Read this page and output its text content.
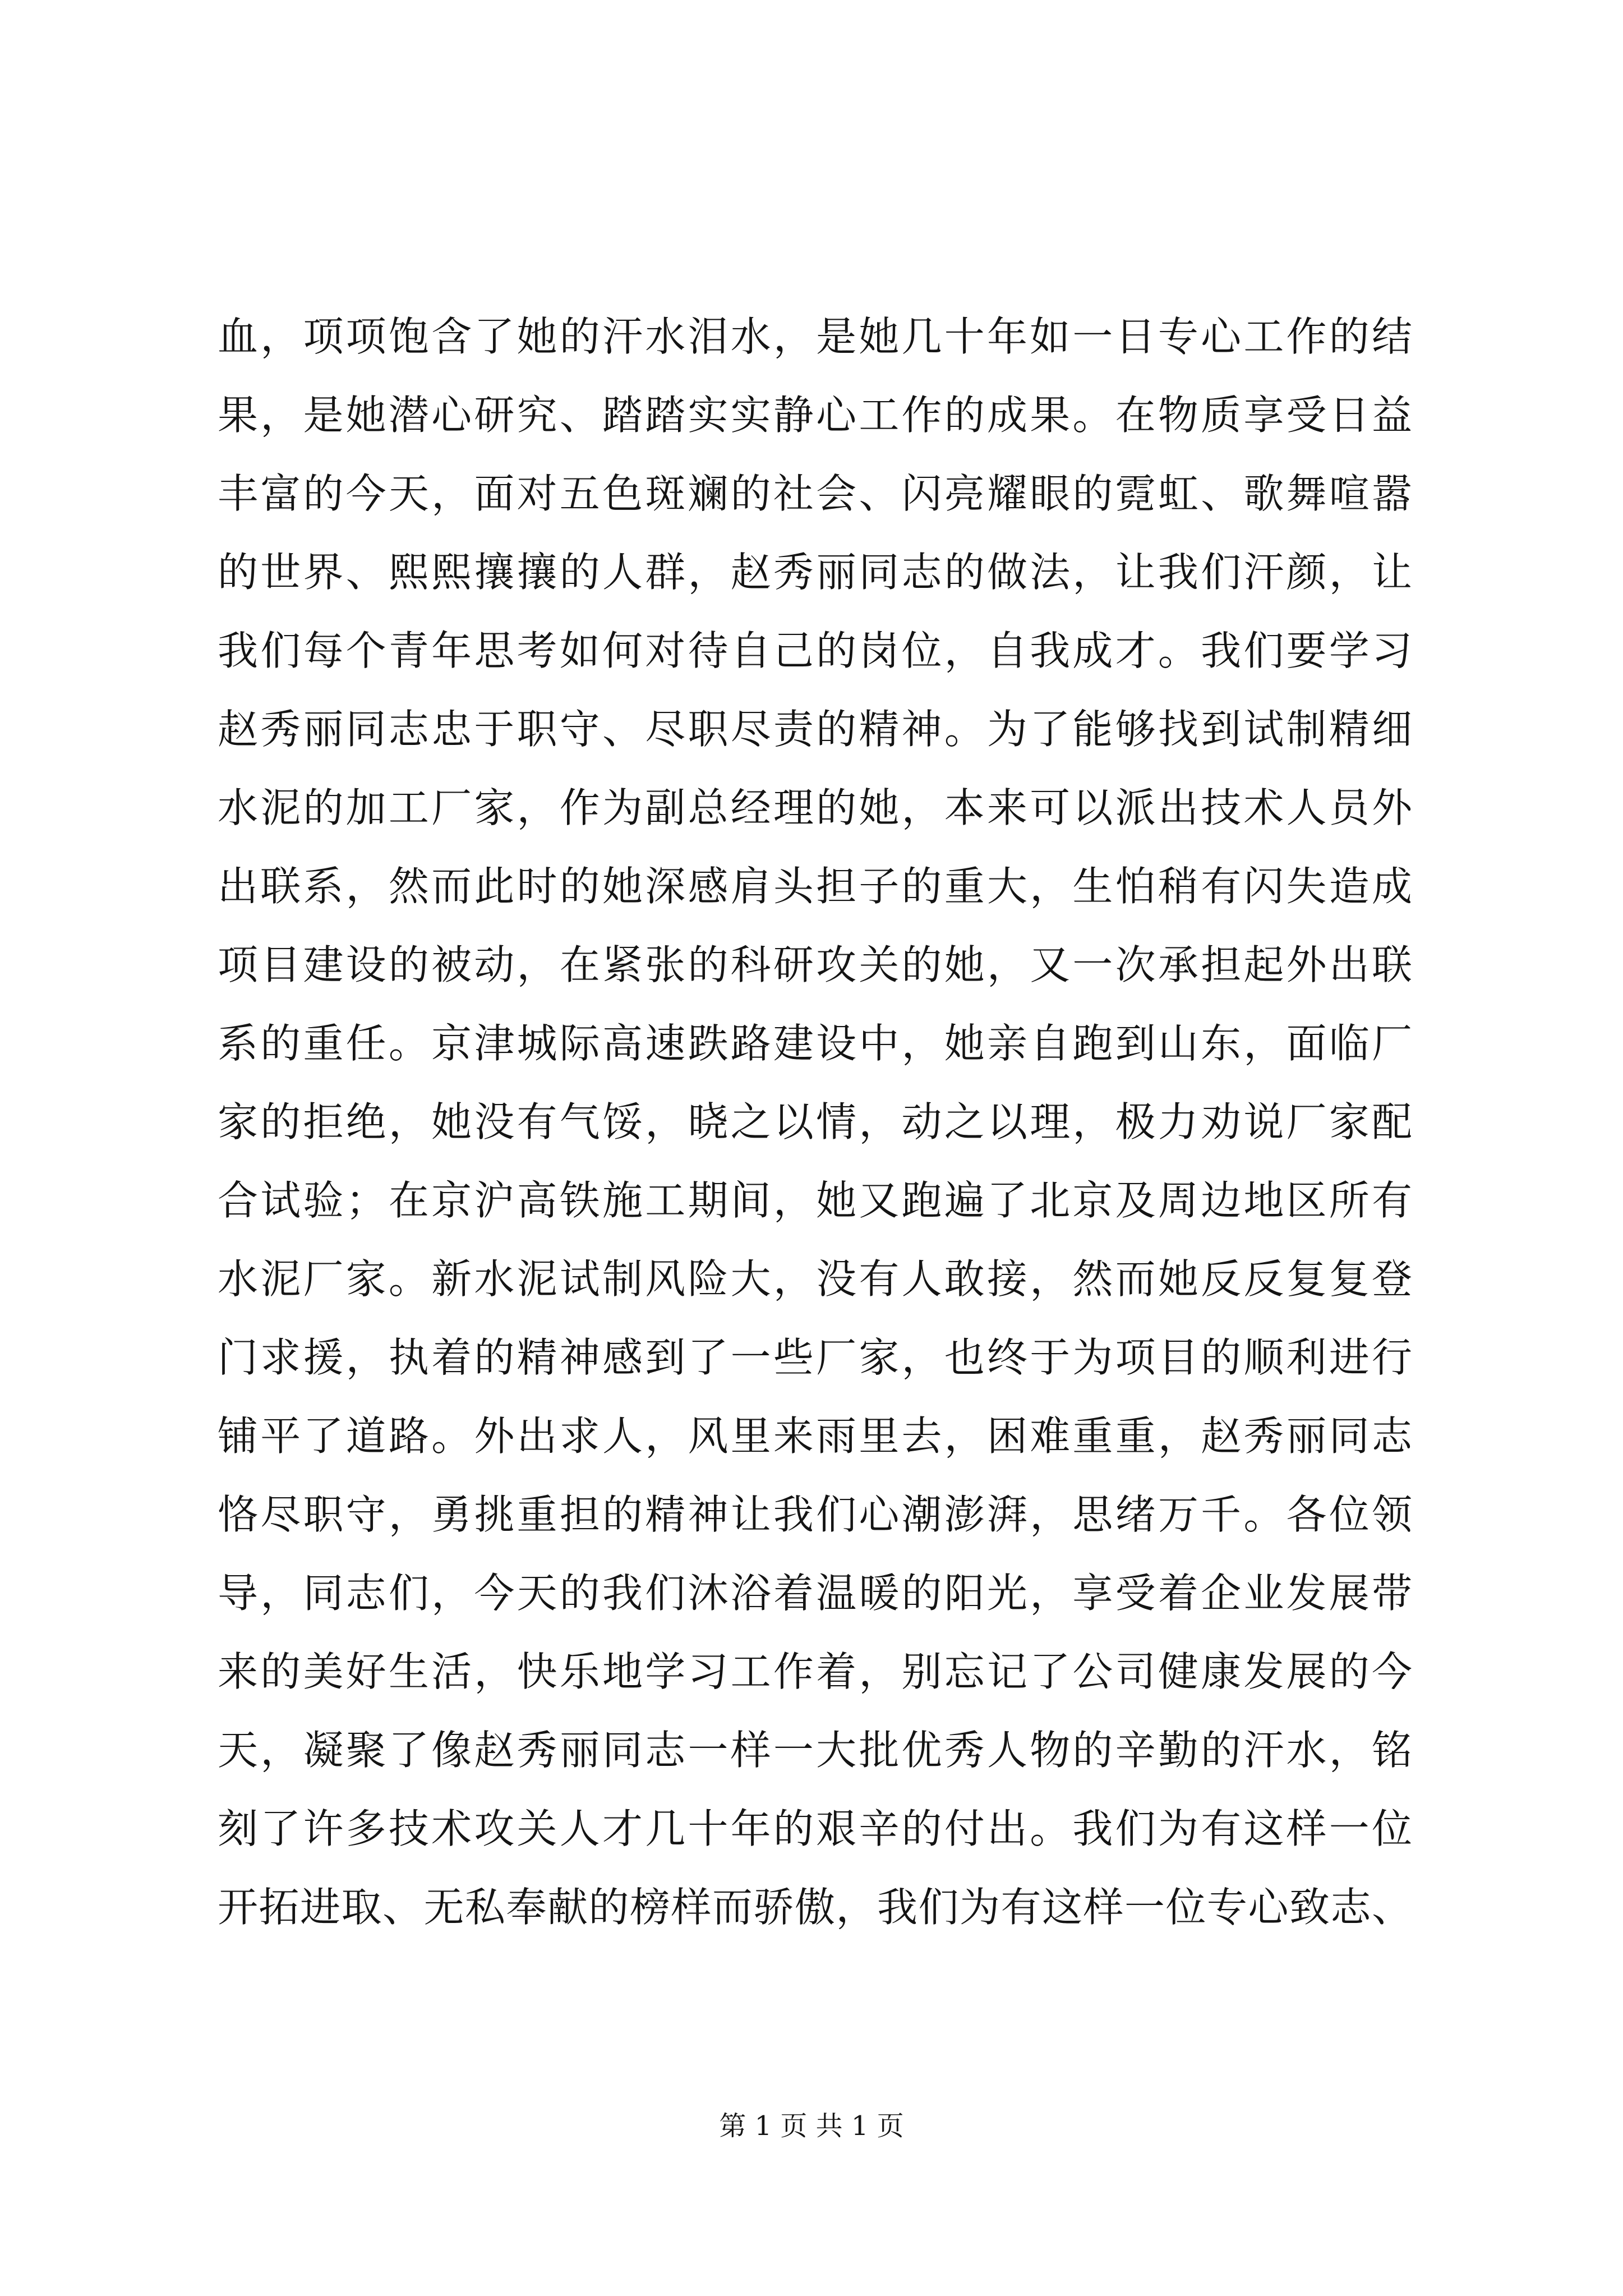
血，项项饱含了她的汗水泪水，是她几十年如一日专心工作的结
果，是她潜心研究、踏踏实实静心工作的成果。在物质享受日益
丰富的今天，面对五色斑斓的社会、闪亮耀眼的霓虹、歌舞喧嚣
的世界、熙熙攘攘的人群，赵秀丽同志的做法，让我们汗颜，让
我们每个青年思考如何对待自己的岗位，自我成才。我们要学习
赵秀丽同志忠于职守、尽职尽责的精神。为了能够找到试制精细
水泥的加工厂家，作为副总经理的她，本来可以派出技术人员外
出联系，然而此时的她深感肩头担子的重大，生怕稍有闪失造成
项目建设的被动，在紧张的科研攻关的她，又一次承担起外出联
系的重任。京津城际高速跌路建设中，她亲自跑到山东，面临厂
家的拒绝，她没有气馁，晓之以情，动之以理，极力劝说厂家配
合试验；在京沪高铁施工期间，她又跑遍了北京及周边地区所有
水泥厂家。新水泥试制风险大，没有人敢接，然而她反反复复登
门求援，执着的精神感到了一些厂家，也终于为项目的顺利进行
铺平了道路。外出求人，风里来雨里去，困难重重，赵秀丽同志
恪尽职守，勇挑重担的精神让我们心潮澎湃，思绪万千。各位领
导，同志们，今天的我们沐浴着温暖的阳光，享受着企业发展带
来的美好生活，快乐地学习工作着，别忘记了公司健康发展的今
天，凝聚了像赵秀丽同志一样一大批优秀人物的辛勤的汗水，铭
刻了许多技术攻关人才几十年的艰辛的付出。我们为有这样一位
开拓进取、无私奉献的榜样而骄傲，我们为有这样一位专心致志、
第 1 页 共 1 页
